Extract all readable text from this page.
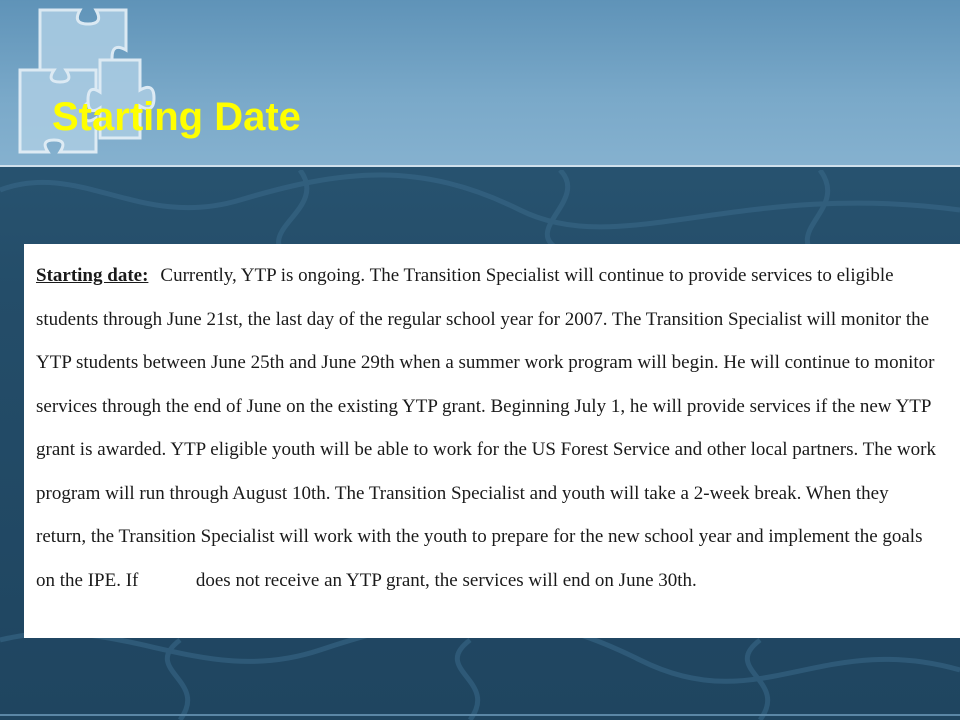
Starting Date

Starting date: Currently, YTP is ongoing. The Transition Specialist will continue to provide services to eligible students through June 21st, the last day of the regular school year for 2007. The Transition Specialist will monitor the YTP students between June 25th and June 29th when a summer work program will begin. He will continue to monitor services through the end of June on the existing YTP grant. Beginning July 1, he will provide services if the new YTP grant is awarded. YTP eligible youth will be able to work for the US Forest Service and other local partners. The work program will run through August 10th. The Transition Specialist and youth will take a 2-week break. When they return, the Transition Specialist will work with the youth to prepare for the new school year and implement the goals on the IPE. If	does not receive an YTP grant, the services will end on June 30th.
